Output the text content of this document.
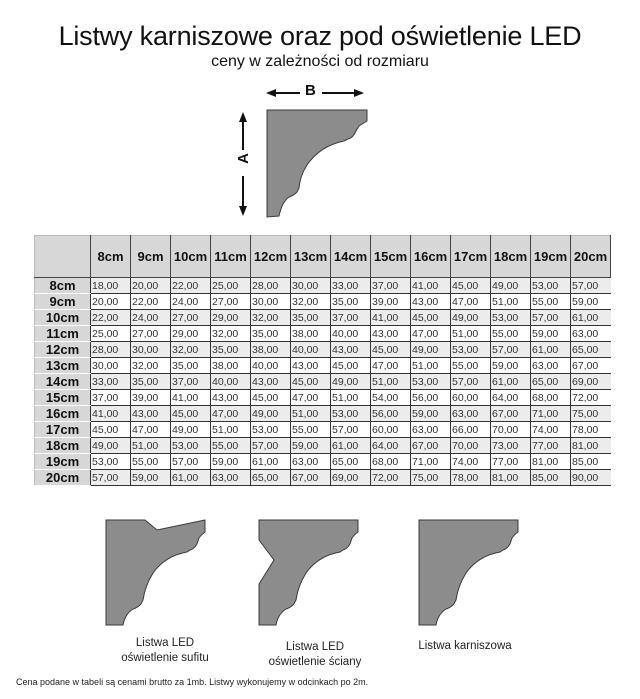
Listwy karniszowe oraz pod oświetlenie LED
ceny w zależności od rozmiaru
B
A
	8cm	9cm	10cm	11cm	12cm	13cm	14cm	15cm	16cm	17cm	18cm	19cm	20cm
8cm	18,00	20,00	22,00	25,00	28,00	30,00	33,00	37,00	41,00	45,00	49,00	53,00	57,00
9cm	20,00	22,00	24,00	27,00	30,00	32,00	35,00	39,00	43,00	47,00	51,00	55,00	59,00
10cm	22,00	24,00	27,00	29,00	32,00	35,00	37,00	41,00	45,00	49,00	53,00	57,00	61,00
11cm	25,00	27,00	29,00	32,00	35,00	38,00	40,00	43,00	47,00	51,00	55,00	59,00	63,00
12cm	28,00	30,00	32,00	35,00	38,00	40,00	43,00	45,00	49,00	53,00	57,00	61,00	65,00
13cm	30,00	32,00	35,00	38,00	40,00	43,00	45,00	47,00	51,00	55,00	59,00	63,00	67,00
14cm	33,00	35,00	37,00	40,00	43,00	45,00	49,00	51,00	53,00	57,00	61,00	65,00	69,00
15cm	37,00	39,00	41,00	43,00	45,00	47,00	51,00	54,00	56,00	60,00	64,00	68,00	72,00
16cm	41,00	43,00	45,00	47,00	49,00	51,00	53,00	56,00	59,00	63,00	67,00	71,00	75,00
17cm	45,00	47,00	49,00	51,00	53,00	55,00	57,00	60,00	63,00	66,00	70,00	74,00	78,00
18cm	49,00	51,00	53,00	55,00	57,00	59,00	61,00	64,00	67,00	70,00	73,00	77,00	81,00
19cm	53,00	55,00	57,00	59,00	61,00	63,00	65,00	68,00	71,00	74,00	77,00	81,00	85,00
20cm	57,00	59,00	61,00	63,00	65,00	67,00	69,00	72,00	75,00	78,00	81,00	85,00	90,00
Listwa LED
oświetlenie sufitu
Listwa LED
oświetlenie ściany
Listwa karniszowa
Cena podane w tabeli są cenami brutto za 1mb. Listwy wykonujemy w odcinkach po 2m.
